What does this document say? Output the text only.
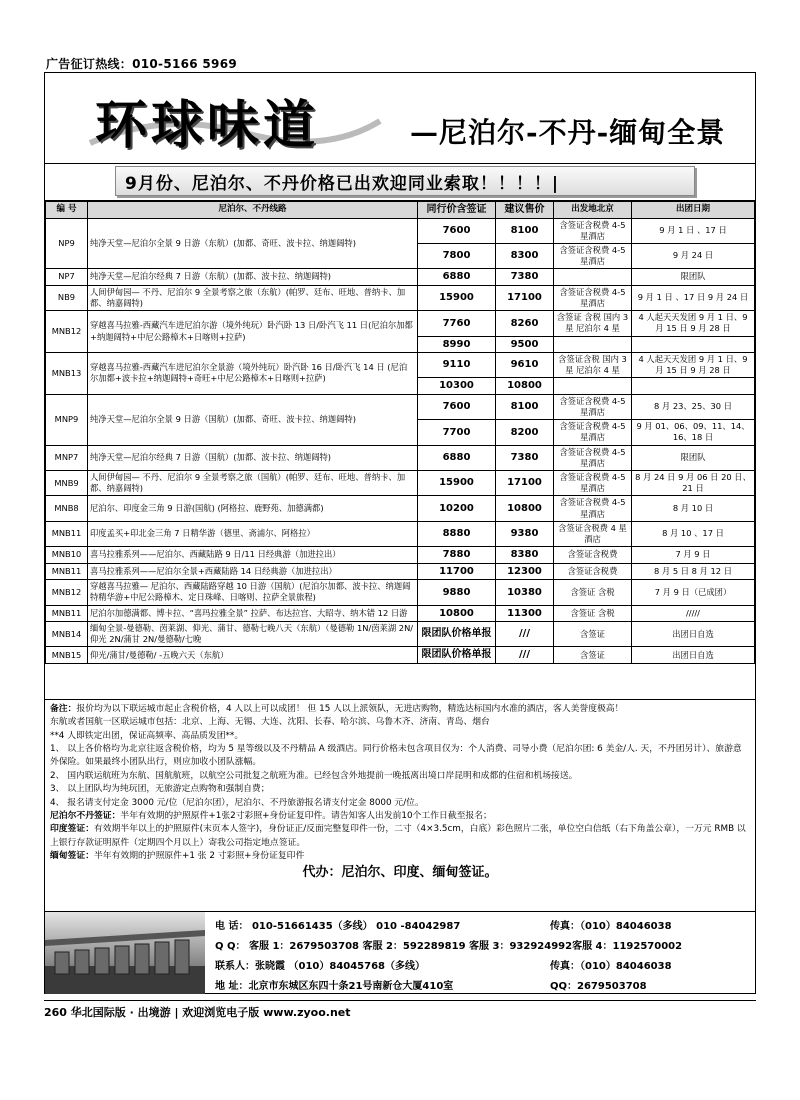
广告征订热线：010-5166 5969
环球味道	—尼泊尔-不丹-缅甸全景
9月份、尼泊尔、不丹价格已出欢迎同业索取！！！！|
编 号	尼泊尔、不丹线路	同行价含签证	建议售价	出发地北京	出团日期
NP9	纯净天堂—尼泊尔全景 9 日游（东航）(加都、奇旺、波卡拉、纳迦阔特)	7600	8100	含签证含税费 4-5 星酒店	9 月 1 日 、17 日
		7800	8300	含签证含税费 4-5 星酒店	9 月 24 日
NP7	纯净天堂—尼泊尔经典 7 日游（东航）(加都、波卡拉、纳迦阔特)	6880	7380		限团队
NB9	人间伊甸园— 不丹、尼泊尔 9 全景考察之旅（东航）(帕罗、廷布、旺地、普纳卡、加都、纳嘉阔特)	15900	17100	含签证含税费 4-5 星酒店	9 月 1 日 、17 日 9 月 24 日
MNB12	穿越喜马拉雅-西藏汽车进尼泊尔游（境外纯玩）卧汽卧 13 日/卧汽飞 11 日(尼泊尔加都+纳迦阔特+中尼公路樟木+日喀则+拉萨)	7760	8260	含签证 含税 国内 3 星 尼泊尔 4 星	4 人起天天发团 9 月 1 日、9 月 15 日 9 月 28 日
		8990	9500		
MNB13	穿越喜马拉雅-西藏汽车进尼泊尔全景游（境外纯玩）卧汽卧 16 日/卧汽飞 14 日 (尼泊尔加都+波卡拉+纳迦阔特+奇旺+中尼公路樟木+日喀则+拉萨)	9110	9610	含签证含税 国内 3 星 尼泊尔 4 星	4 人起天天发团 9 月 1 日、9 月 15 日 9 月 28 日
		10300	10800		
MNP9	纯净天堂—尼泊尔全景 9 日游（国航）(加都、奇旺、波卡拉、纳迦阔特)	7600	8100	含签证含税费 4-5 星酒店	8 月 23、25、30 日
		7700	8200	含签证含税费 4-5 星酒店	9 月 01、06、09、11、14、16、18 日
MNP7	纯净天堂—尼泊尔经典 7 日游（国航）(加都、波卡拉、纳迦阔特)	6880	7380	含签证含税费 4-5 星酒店	限团队
MNB9	人间伊甸园— 不丹、尼泊尔 9 全景考察之旅（国航）(帕罗、廷布、旺地、普纳卡、加都、纳嘉阔特)	15900	17100	含签证含税费 4-5 星酒店	8 月 24 日 9 月 06 日 20 日、21 日
MNB8	尼泊尔、印度金三角 9 日游(国航) (阿格拉、鹿野苑、加德满都)	10200	10800	含签证含税费 4-5 星酒店	8 月 10 日
MNB11	印度孟买+印北金三角 7 日精华游（德里、斋浦尔、阿格拉）	8880	9380	含签证含税费 4 星酒店	8 月 10 、17 日
MNB10	喜马拉雅系列——尼泊尔、西藏陆路 9 日/11 日经典游（加进拉出）	7880	8380	含签证含税费	7 月 9 日
MNB11	喜马拉雅系列——尼泊尔全景+西藏陆路 14 日经典游（加进拉出）	11700	12300	含签证含税费	8 月 5 日 8 月 12 日
MNB12	穿越喜马拉雅— 尼泊尔、西藏陆路穿越 10 日游（国航）(尼泊尔加都、波卡拉、纳迦阔特精华游+中尼公路樟木、定日珠峰、日喀则、拉萨全景旅程)	9880	10380	含签证 含税	7 月 9 日（已成团）
MNB11	尼泊尔加德满都、博卡拉、“喜玛拉雅全景” 拉萨、布达拉宫、大昭寺、纳木错 12 日游	10800	11300	含签证 含税	/////
MNB14	缅甸全景-曼德勒、茵莱湖、仰光、蒲甘、德勒七晚八天（东航）（曼德勒 1N/茵莱湖 2N/仰光 2N/蒲甘 2N/曼德勒/七晚	限团队价格单报	///	含签证	出团日自选
MNB15	仰光/蒲甘/曼德勒/ -五晚六天（东航）	限团队价格单报	///	含签证	出团日自选

备注：报价均为以下联运城市起止含税价格，4 人以上可以成团！ 但 15 人以上派领队，无进店购物，精选达标国内水准的酒店，客人美誉度极高！

东航或者国航一区联运城市包括：北京、上海、无锡、大连、沈阳、长春、哈尔滨、乌鲁木齐、济南、青岛、烟台

**4 人即铁定出团，保证高频率、高品质发团**。

1、 以上各价格均为北京往返含税价格，均为 5 星等级以及不丹精品 A 级酒店。同行价格未包含项目仅为：个人消费、司导小费（尼泊尔团: 6 美金/人. 天，不丹团另计）、旅游意外保险。如果最终小团队出行，则应加收小团队涨幅。

2、 国内联运航班为东航、国航航班，以航空公司批复之航班为准。已经包含外地提前一晚抵离出境口岸昆明和成都的住宿和机场接送。

3、 以上团队均为纯玩团，无旅游定点购物和强制自费；

4、 报名请支付定金 3000 元/位（尼泊尔团），尼泊尔、不丹旅游报名请支付定金 8000 元/位。

尼泊尔不丹签证：半年有效期的护照原件+1张2寸彩照+身份证复印件。请告知客人出发前10个工作日截至报名；

印度签证：有效期半年以上的护照原件(末页本人签字)，身份证正/反面完整复印件一份，二寸（4×3.5cm，白底）彩色照片二张，单位空白信纸（右下角盖公章），一万元 RMB 以上银行存款证明原件（定期四个月以上）寄我公司指定地点签证。

缅甸签证：半年有效期的护照原件+1 张 2 寸彩照+身份证复印件

代办：尼泊尔、印度、缅甸签证。

电 话： 010-51661435（多线） 010 -84042987	传真：（010）84046038
Q Q： 客服 1：2679503708 客服 2：592289819 客服 3：932924992客服 4：1192570002
联系人：张晓霞 （010）84045768（多线）	传真：（010）84046038
地 址：北京市东城区东四十条21号南新仓大厦410室	QQ：2679503708
260 华北国际版 · 出境游 | 欢迎浏览电子版 www.zyoo.net
